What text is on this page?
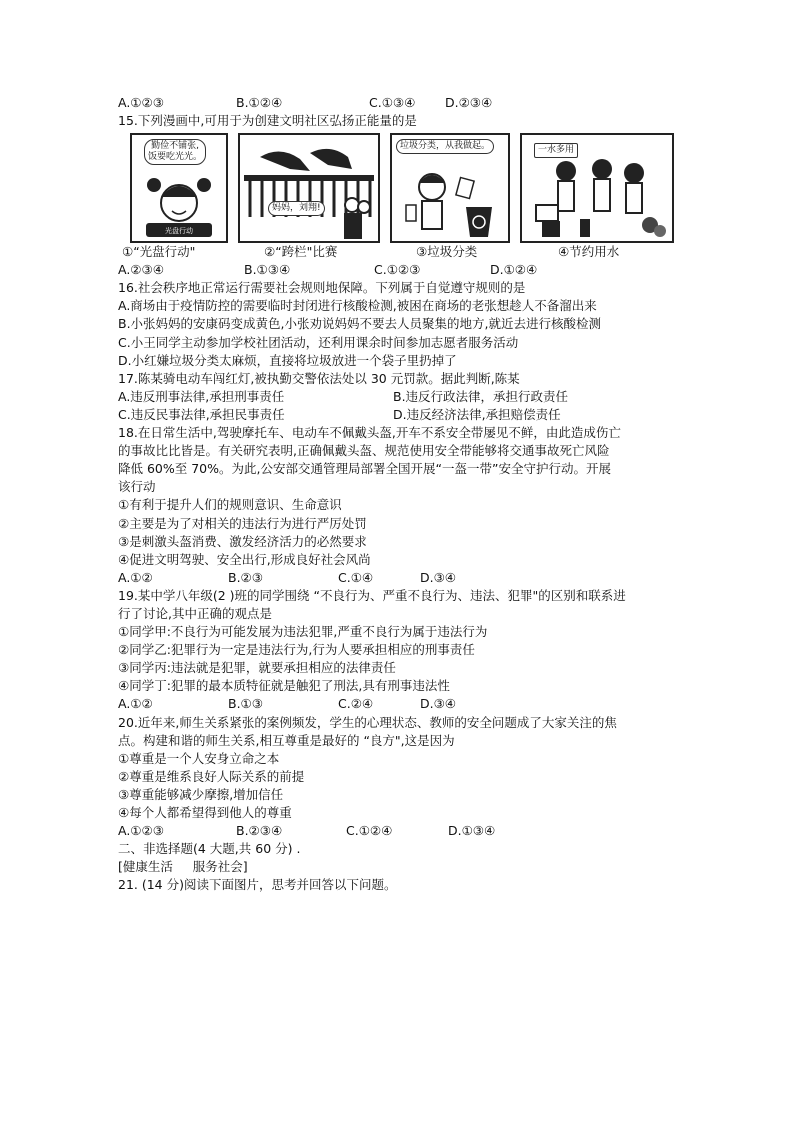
A.①②③	B.①②④	C.①③④	D.②③④
15.下列漫画中,可用于为创建文明社区弘扬正能量的是
勤俭不铺张,
饭要吃光光。
光盘行动
妈妈，刘翔!
垃圾分类，从我做起。	一水多用
①“光盘行动"	②“跨栏"比赛	③垃圾分类	④节约用水
A.②③④	B.①③④	C.①②③	D.①②④
16.社会秩序地正常运行需要社会规则地保障。下列属于自觉遵守规则的是
A.商场由于疫情防控的需要临时封闭进行核酸检测,被困在商场的老张想趁人不备溜出来
B.小张妈妈的安康码变成黄色,小张劝说妈妈不要去人员聚集的地方,就近去进行核酸检测
C.小王同学主动参加学校社团活动，还利用课余时间参加志愿者服务活动
D.小红嫌垃圾分类太麻烦，直接将垃圾放进一个袋子里扔掉了
17.陈某骑电动车闯红灯,被执勤交警依法处以 30 元罚款。据此判断,陈某
A.违反刑事法律,承担刑事责任	B.违反行政法律，承担行政责任
C.违反民事法律,承担民事责任	D.违反经济法律,承担赔偿责任
18.在日常生活中,驾驶摩托车、电动车不佩戴头盔,开车不系安全带屡见不鲜，由此造成伤亡
的事故比比皆是。有关研究表明,正确佩戴头盔、规范使用安全带能够将交通事故死亡风险
降低 60%至 70%。为此,公安部交通管理局部署全国开展“一盔一带”安全守护行动。开展
该行动
①有利于提升人们的规则意识、生命意识
②主要是为了对相关的违法行为进行严厉处罚
③是刺激头盔消费、激发经济活力的必然要求
④促进文明驾驶、安全出行,形成良好社会风尚
A.①②	B.②③	C.①④	D.③④
19.某中学八年级(2 )班的同学围绕 “不良行为、严重不良行为、违法、犯罪"的区别和联系进
行了讨论,其中正确的观点是
①同学甲:不良行为可能发展为违法犯罪,严重不良行为属于违法行为
②同学乙:犯罪行为一定是违法行为,行为人要承担相应的刑事责任
③同学丙:违法就是犯罪，就要承担相应的法律责任
④同学丁:犯罪的最本质特征就是触犯了刑法,具有刑事违法性
A.①②	B.①③	C.②④	D.③④
20.近年来,师生关系紧张的案例频发，学生的心理状态、教师的安全问题成了大家关注的焦
点。构建和谐的师生关系,相互尊重是最好的 “良方",这是因为
①尊重是一个人安身立命之本
②尊重是维系良好人际关系的前提
③尊重能够减少摩擦,增加信任
④每个人都希望得到他人的尊重
A.①②③	B.②③④	C.①②④	D.①③④
二、非选择题(4 大题,共 60 分) .
[健康生活     服务社会]
21. (14 分)阅读下面图片，思考并回答以下问题。
